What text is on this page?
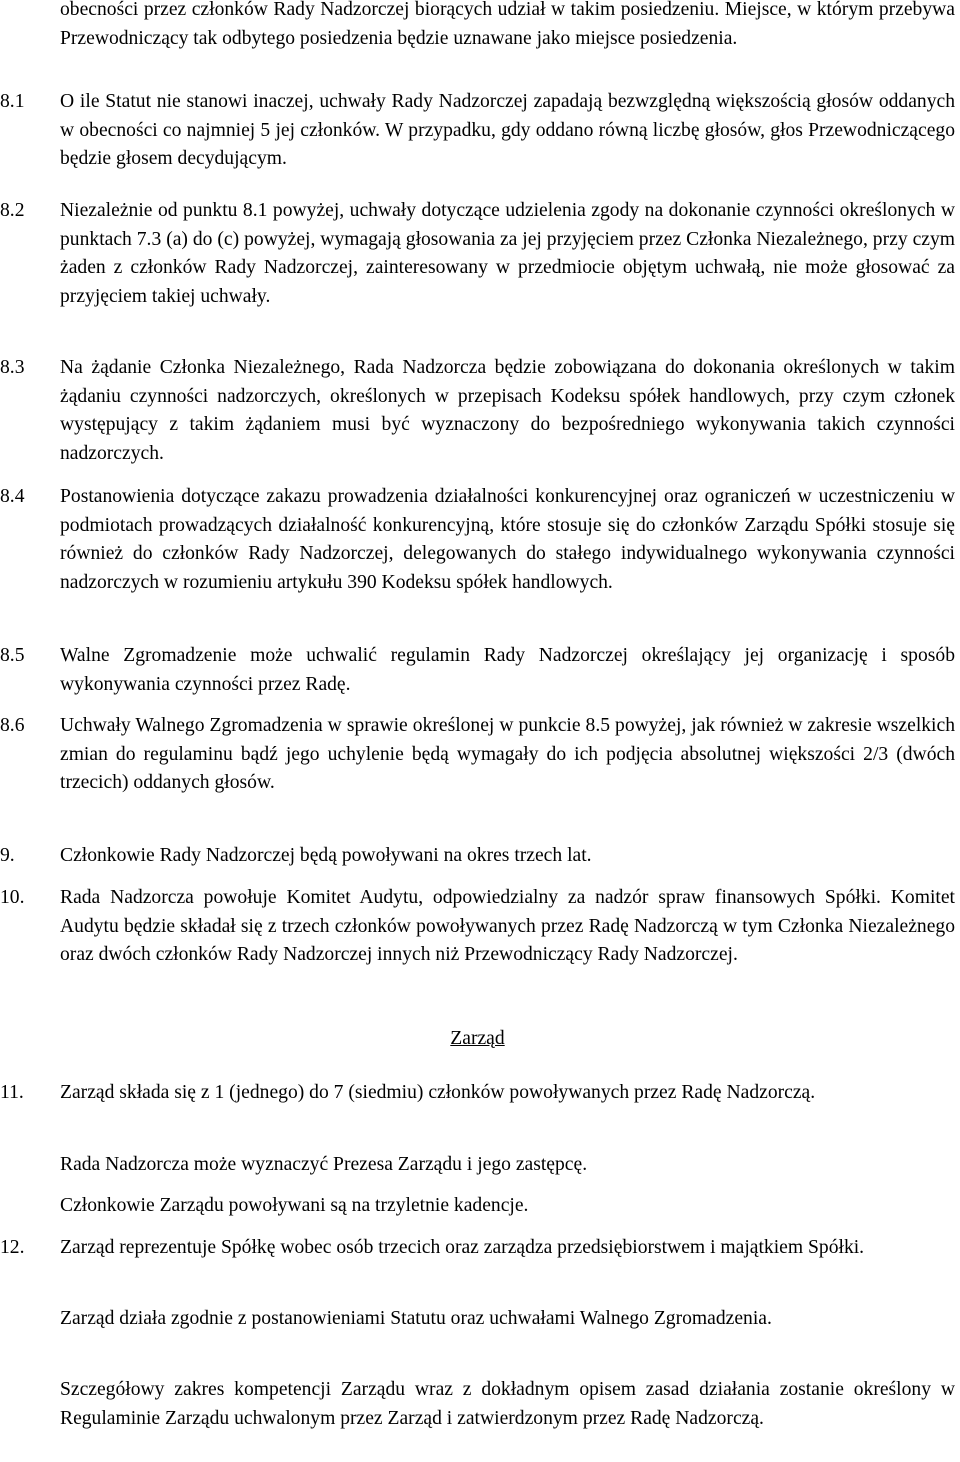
obecności przez członków Rady Nadzorczej biorących udział w takim posiedzeniu. Miejsce, w którym przebywa Przewodniczący tak odbytego posiedzenia będzie uznawane jako miejsce posiedzenia.

8.1	O ile Statut nie stanowi inaczej, uchwały Rady Nadzorczej zapadają bezwzględną większością głosów oddanych w obecności co najmniej 5 jej członków. W przypadku, gdy oddano równą liczbę głosów, głos Przewodniczącego będzie głosem decydującym.

8.2	Niezależnie od punktu 8.1 powyżej, uchwały dotyczące udzielenia zgody na dokonanie czynności określonych w punktach 7.3 (a) do (c) powyżej, wymagają głosowania za jej przyjęciem przez Członka Niezależnego, przy czym żaden z członków Rady Nadzorczej, zainteresowany w przedmiocie objętym uchwałą, nie może głosować za przyjęciem takiej uchwały.

8.3	Na żądanie Członka Niezależnego, Rada Nadzorcza będzie zobowiązana do dokonania określonych w takim żądaniu czynności nadzorczych, określonych w przepisach Kodeksu spółek handlowych, przy czym członek występujący z takim żądaniem musi być wyznaczony do bezpośredniego wykonywania takich czynności nadzorczych.

8.4	Postanowienia dotyczące zakazu prowadzenia działalności konkurencyjnej oraz ograniczeń w uczestniczeniu w podmiotach prowadzących działalność konkurencyjną, które stosuje się do członków Zarządu Spółki stosuje się również do członków Rady Nadzorczej, delegowanych do stałego indywidualnego wykonywania czynności nadzorczych w rozumieniu artykułu 390 Kodeksu spółek handlowych.

8.5	Walne Zgromadzenie może uchwalić regulamin Rady Nadzorczej określający jej organizację i sposób wykonywania czynności przez Radę.

8.6	Uchwały Walnego Zgromadzenia w sprawie określonej w punkcie 8.5 powyżej, jak również w zakresie wszelkich zmian do regulaminu bądź jego uchylenie będą wymagały do ich podjęcia absolutnej większości 2/3 (dwóch trzecich) oddanych głosów.

9.	Członkowie Rady Nadzorczej będą powoływani na okres trzech lat.

10.	Rada Nadzorcza powołuje Komitet Audytu, odpowiedzialny za nadzór spraw finansowych Spółki. Komitet Audytu będzie składał się z trzech członków powoływanych przez Radę Nadzorczą w tym Członka Niezależnego oraz dwóch członków Rady Nadzorczej innych niż Przewodniczący Rady Nadzorczej.

Zarząd

11.	Zarząd składa się z 1 (jednego) do 7 (siedmiu) członków powoływanych przez Radę Nadzorczą.

Rada Nadzorcza może wyznaczyć Prezesa Zarządu i jego zastępcę.

Członkowie Zarządu powoływani są na trzyletnie kadencje.

12.	Zarząd reprezentuje Spółkę wobec osób trzecich oraz zarządza przedsiębiorstwem i majątkiem Spółki.

Zarząd działa zgodnie z postanowieniami Statutu oraz uchwałami Walnego Zgromadzenia.

Szczegółowy zakres kompetencji Zarządu wraz z dokładnym opisem zasad działania zostanie określony w Regulaminie Zarządu uchwalonym przez Zarząd i zatwierdzonym przez Radę Nadzorczą.
